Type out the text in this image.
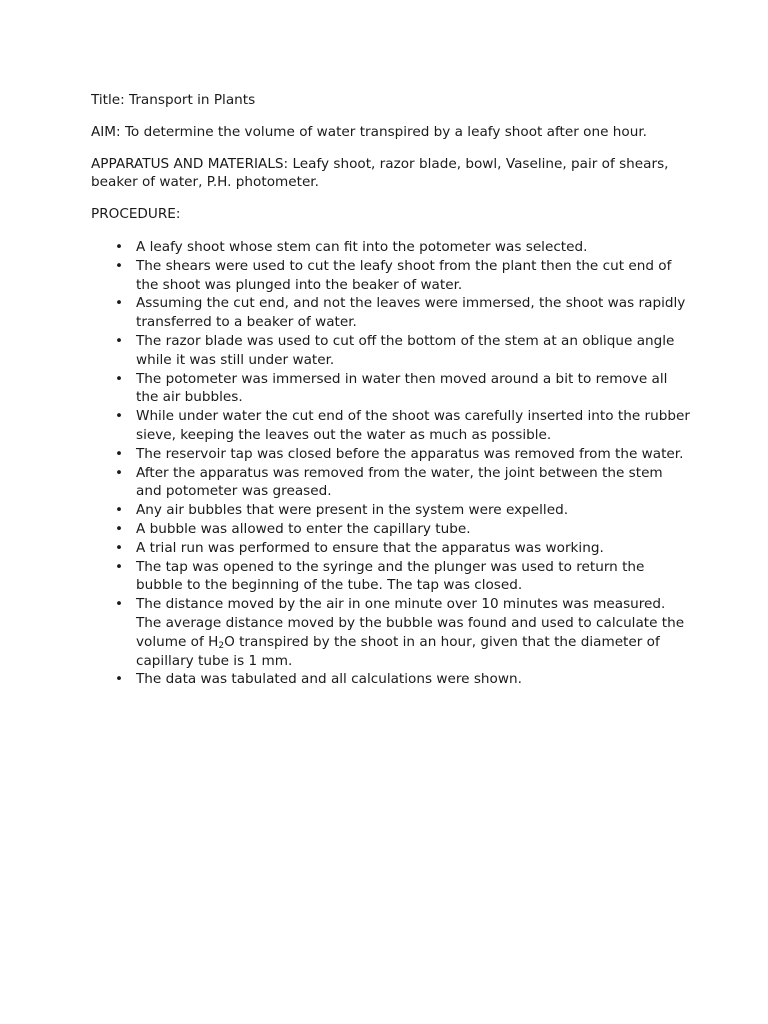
Title: Transport in Plants

AIM: To determine the volume of water transpired by a leafy shoot after one hour.

APPARATUS AND MATERIALS: Leafy shoot, razor blade, bowl, Vaseline, pair of shears, beaker of water, P.H. photometer.

PROCEDURE:

• A leafy shoot whose stem can fit into the potometer was selected.
• The shears were used to cut the leafy shoot from the plant then the cut end of the shoot was plunged into the beaker of water.
• Assuming the cut end, and not the leaves were immersed, the shoot was rapidly transferred to a beaker of water.
• The razor blade was used to cut off the bottom of the stem at an oblique angle while it was still under water.
• The potometer was immersed in water then moved around a bit to remove all the air bubbles.
• While under water the cut end of the shoot was carefully inserted into the rubber sieve, keeping the leaves out the water as much as possible.
• The reservoir tap was closed before the apparatus was removed from the water.
• After the apparatus was removed from the water, the joint between the stem and potometer was greased.
• Any air bubbles that were present in the system were expelled.
• A bubble was allowed to enter the capillary tube.
• A trial run was performed to ensure that the apparatus was working.
• The tap was opened to the syringe and the plunger was used to return the bubble to the beginning of the tube. The tap was closed.
• The distance moved by the air in one minute over 10 minutes was measured. The average distance moved by the bubble was found and used to calculate the volume of $H_2O$ transpired by the shoot in an hour, given that the diameter of capillary tube is 1 mm.
• The data was tabulated and all calculations were shown.
